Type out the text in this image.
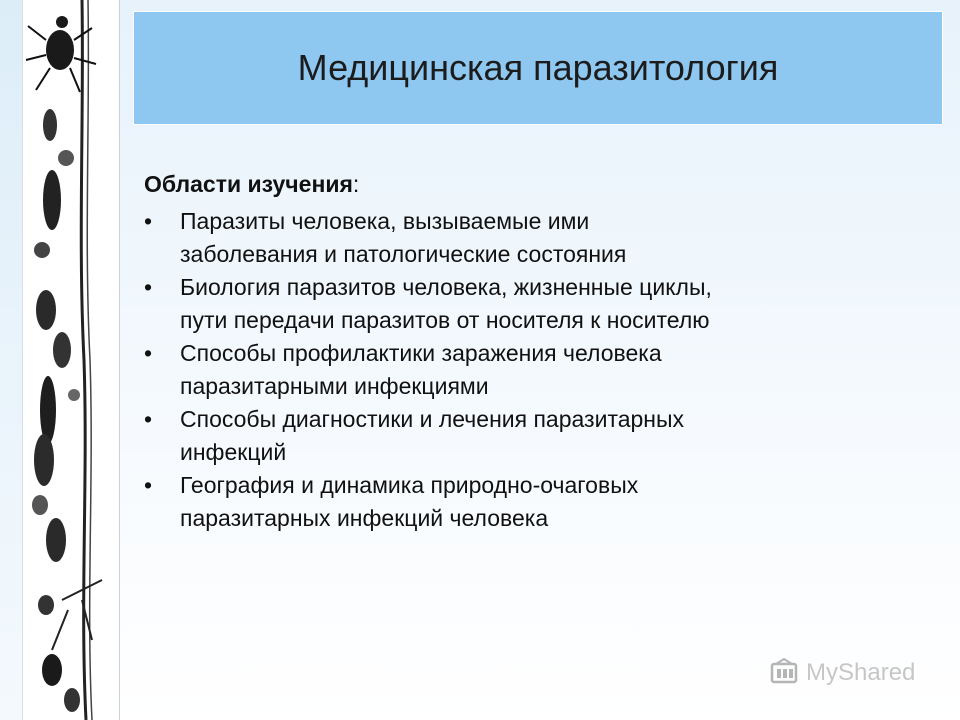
Медицинская паразитология
Области изучения:
• Паразиты человека, вызываемые ими
заболевания и патологические состояния
• Биология паразитов человека, жизненные циклы,
пути передачи паразитов от носителя к носителю
• Способы профилактики заражения человека
паразитарными инфекциями
• Способы диагностики и лечения паразитарных
инфекций
• География и динамика природно-очаговых
паразитарных инфекций человека
MyShared
